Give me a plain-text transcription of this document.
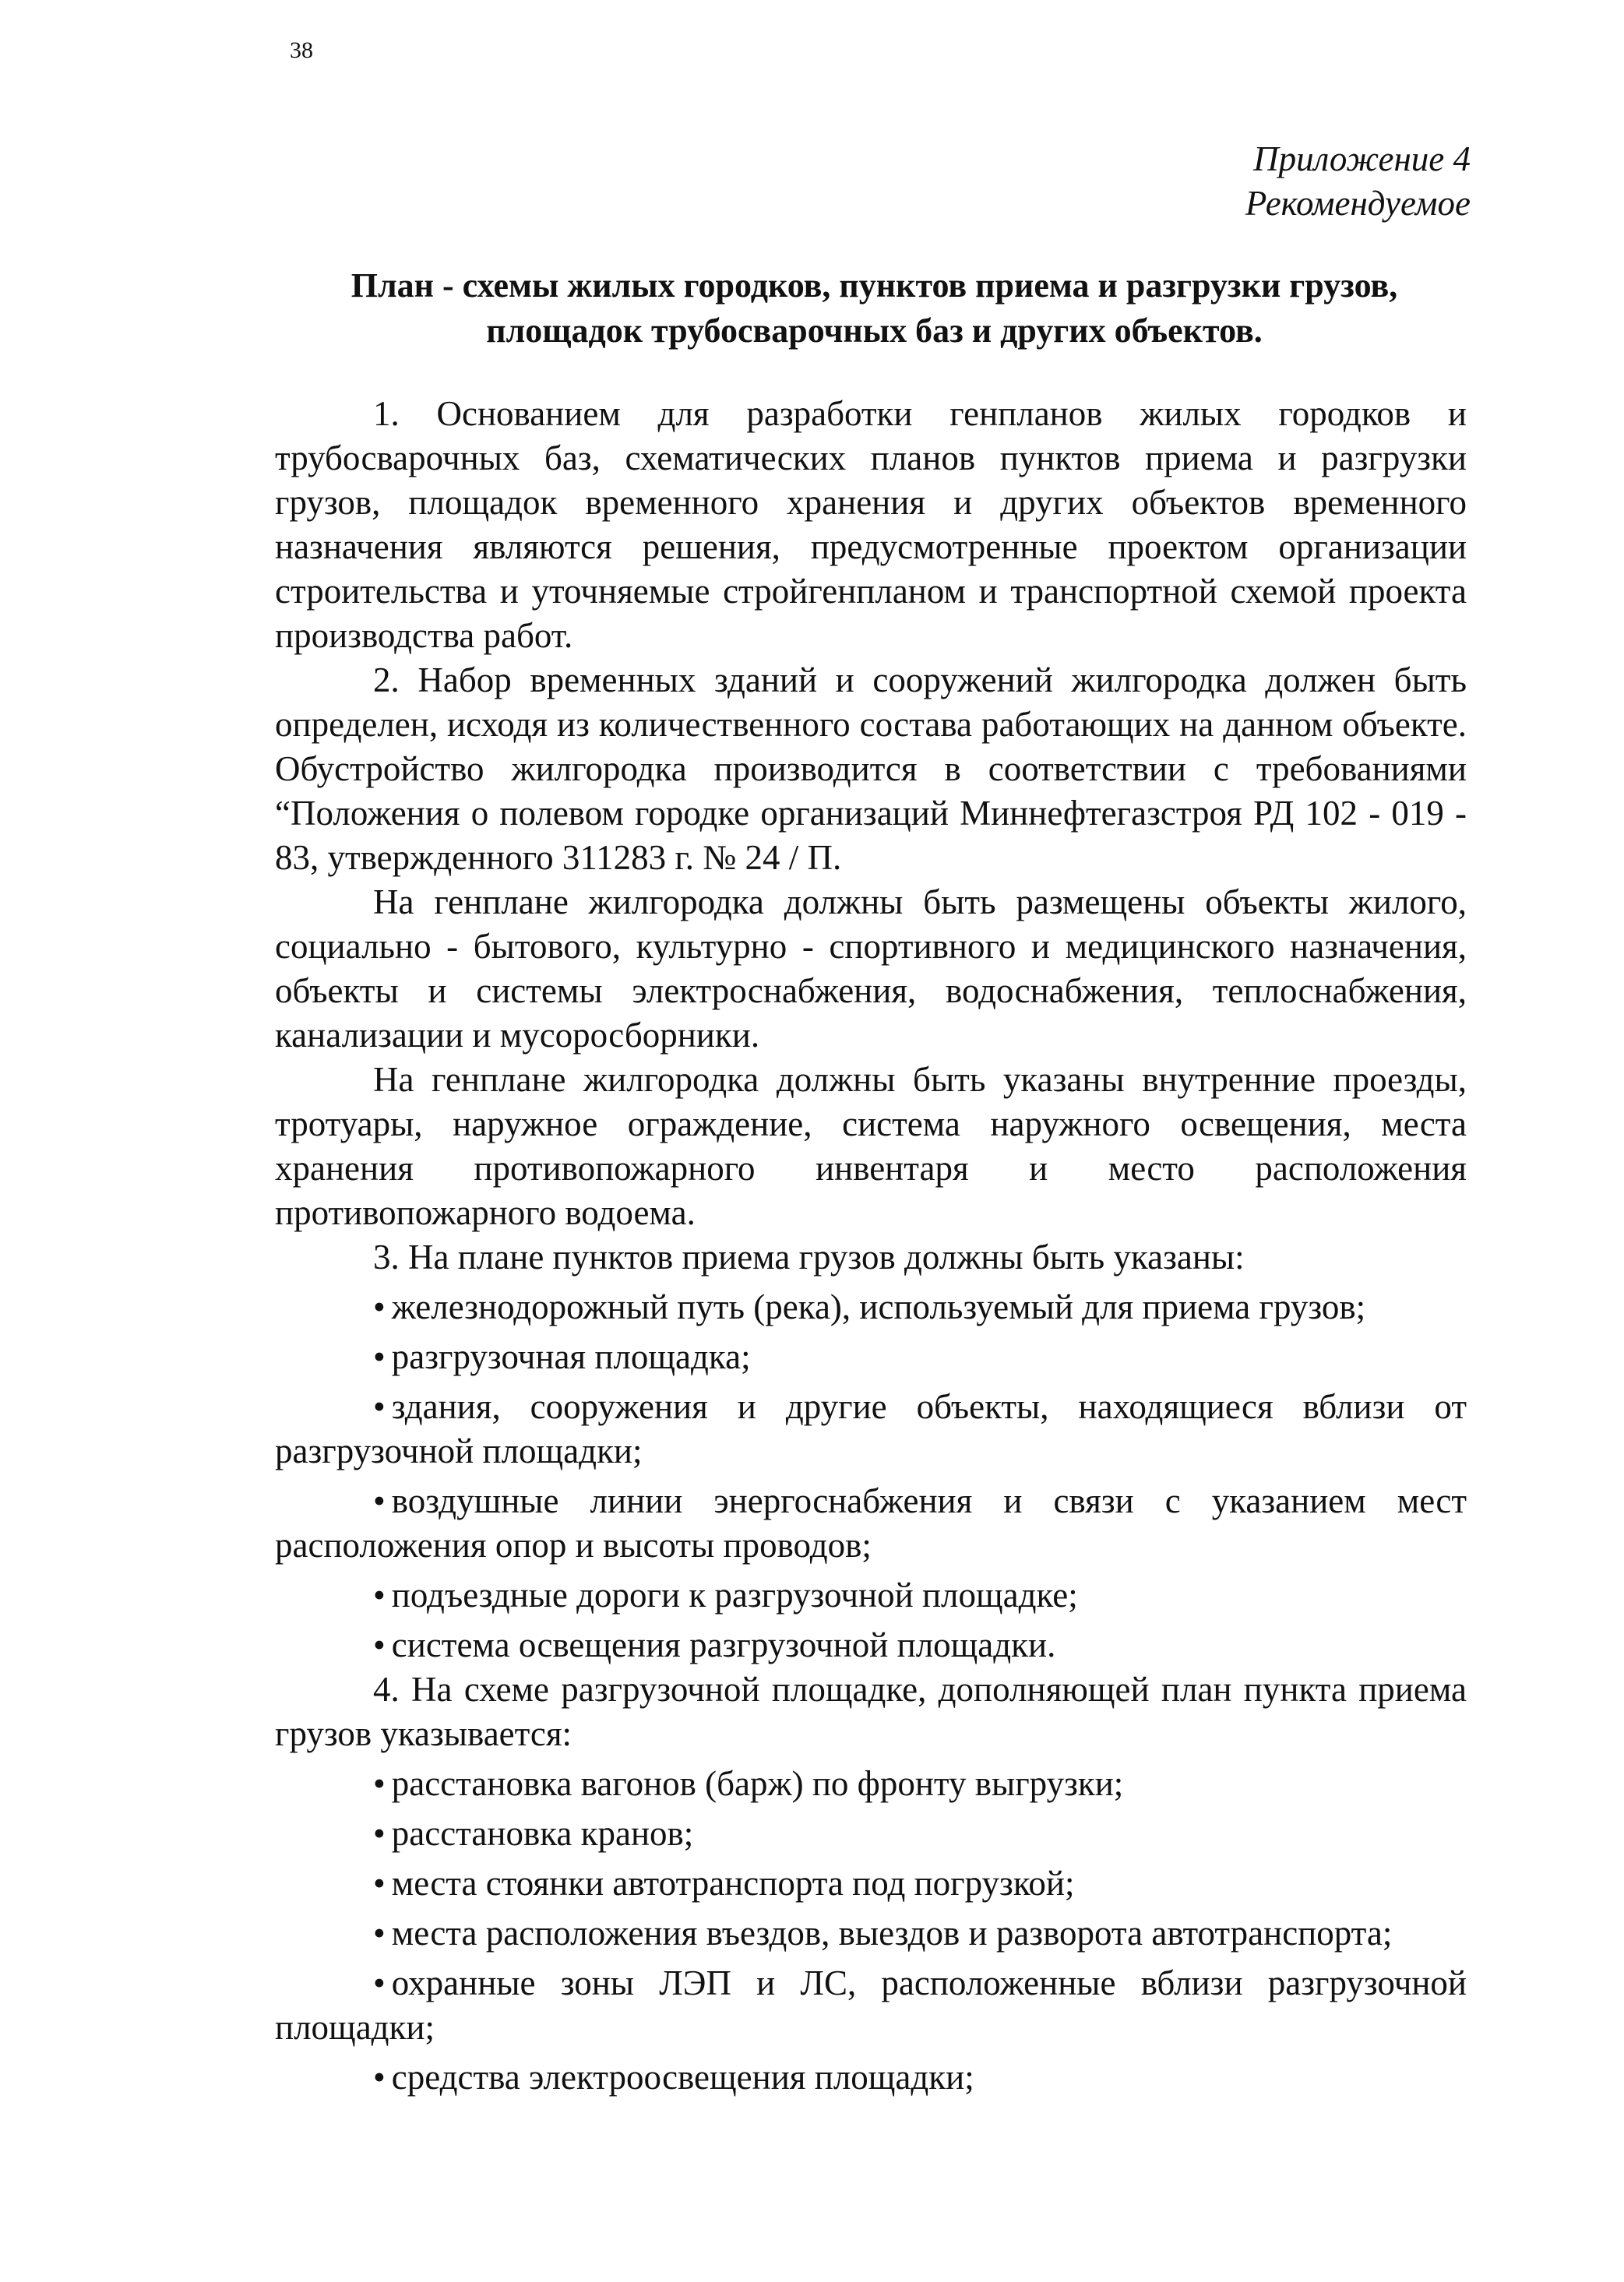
38
Приложение 4
Рекомендуемое
План - схемы жилых городков, пунктов приема и разгрузки грузов, площадок трубосварочных баз и других объектов.

1. Основанием для разработки генпланов жилых городков и трубосварочных баз, схематических планов пунктов приема и разгрузки грузов, площадок временного хранения и других объектов временного назначения являются решения, предусмотренные проектом организации строительства и уточняемые стройгенпланом и транспортной схемой проекта производства работ.

2. Набор временных зданий и сооружений жилгородка должен быть определен, исходя из количественного состава работающих на данном объекте. Обустройство жилгородка производится в соответствии с требованиями “Положения о полевом городке организаций Миннефтегазстроя РД 102 - 019 - 83, утвержденного 311283 г. № 24 / П.

На генплане жилгородка должны быть размещены объекты жилого, социально - бытового, культурно - спортивного и медицинского назначения, объекты и системы электроснабжения, водоснабжения, теплоснабжения, канализации и мусоросборники.

На генплане жилгородка должны быть указаны внутренние проезды, тротуары, наружное ограждение, система наружного освещения, места хранения противопожарного инвентаря и место расположения противопожарного водоема.

3. На плане пунктов приема грузов должны быть указаны:

• железнодорожный путь (река), используемый для приема грузов;

• разгрузочная площадка;

• здания, сооружения и другие объекты, находящиеся вблизи от разгрузочной площадки;

• воздушные линии энергоснабжения и связи с указанием мест расположения опор и высоты проводов;

• подъездные дороги к разгрузочной площадке;

• система освещения разгрузочной площадки.

4. На схеме разгрузочной площадке, дополняющей план пункта приема грузов указывается:

• расстановка вагонов (барж) по фронту выгрузки;

• расстановка кранов;

• места стоянки автотранспорта под погрузкой;

• места расположения въездов, выездов и разворота автотранспорта;

• охранные зоны ЛЭП и ЛС, расположенные вблизи разгрузочной площадки;

• средства электроосвещения площадки;
